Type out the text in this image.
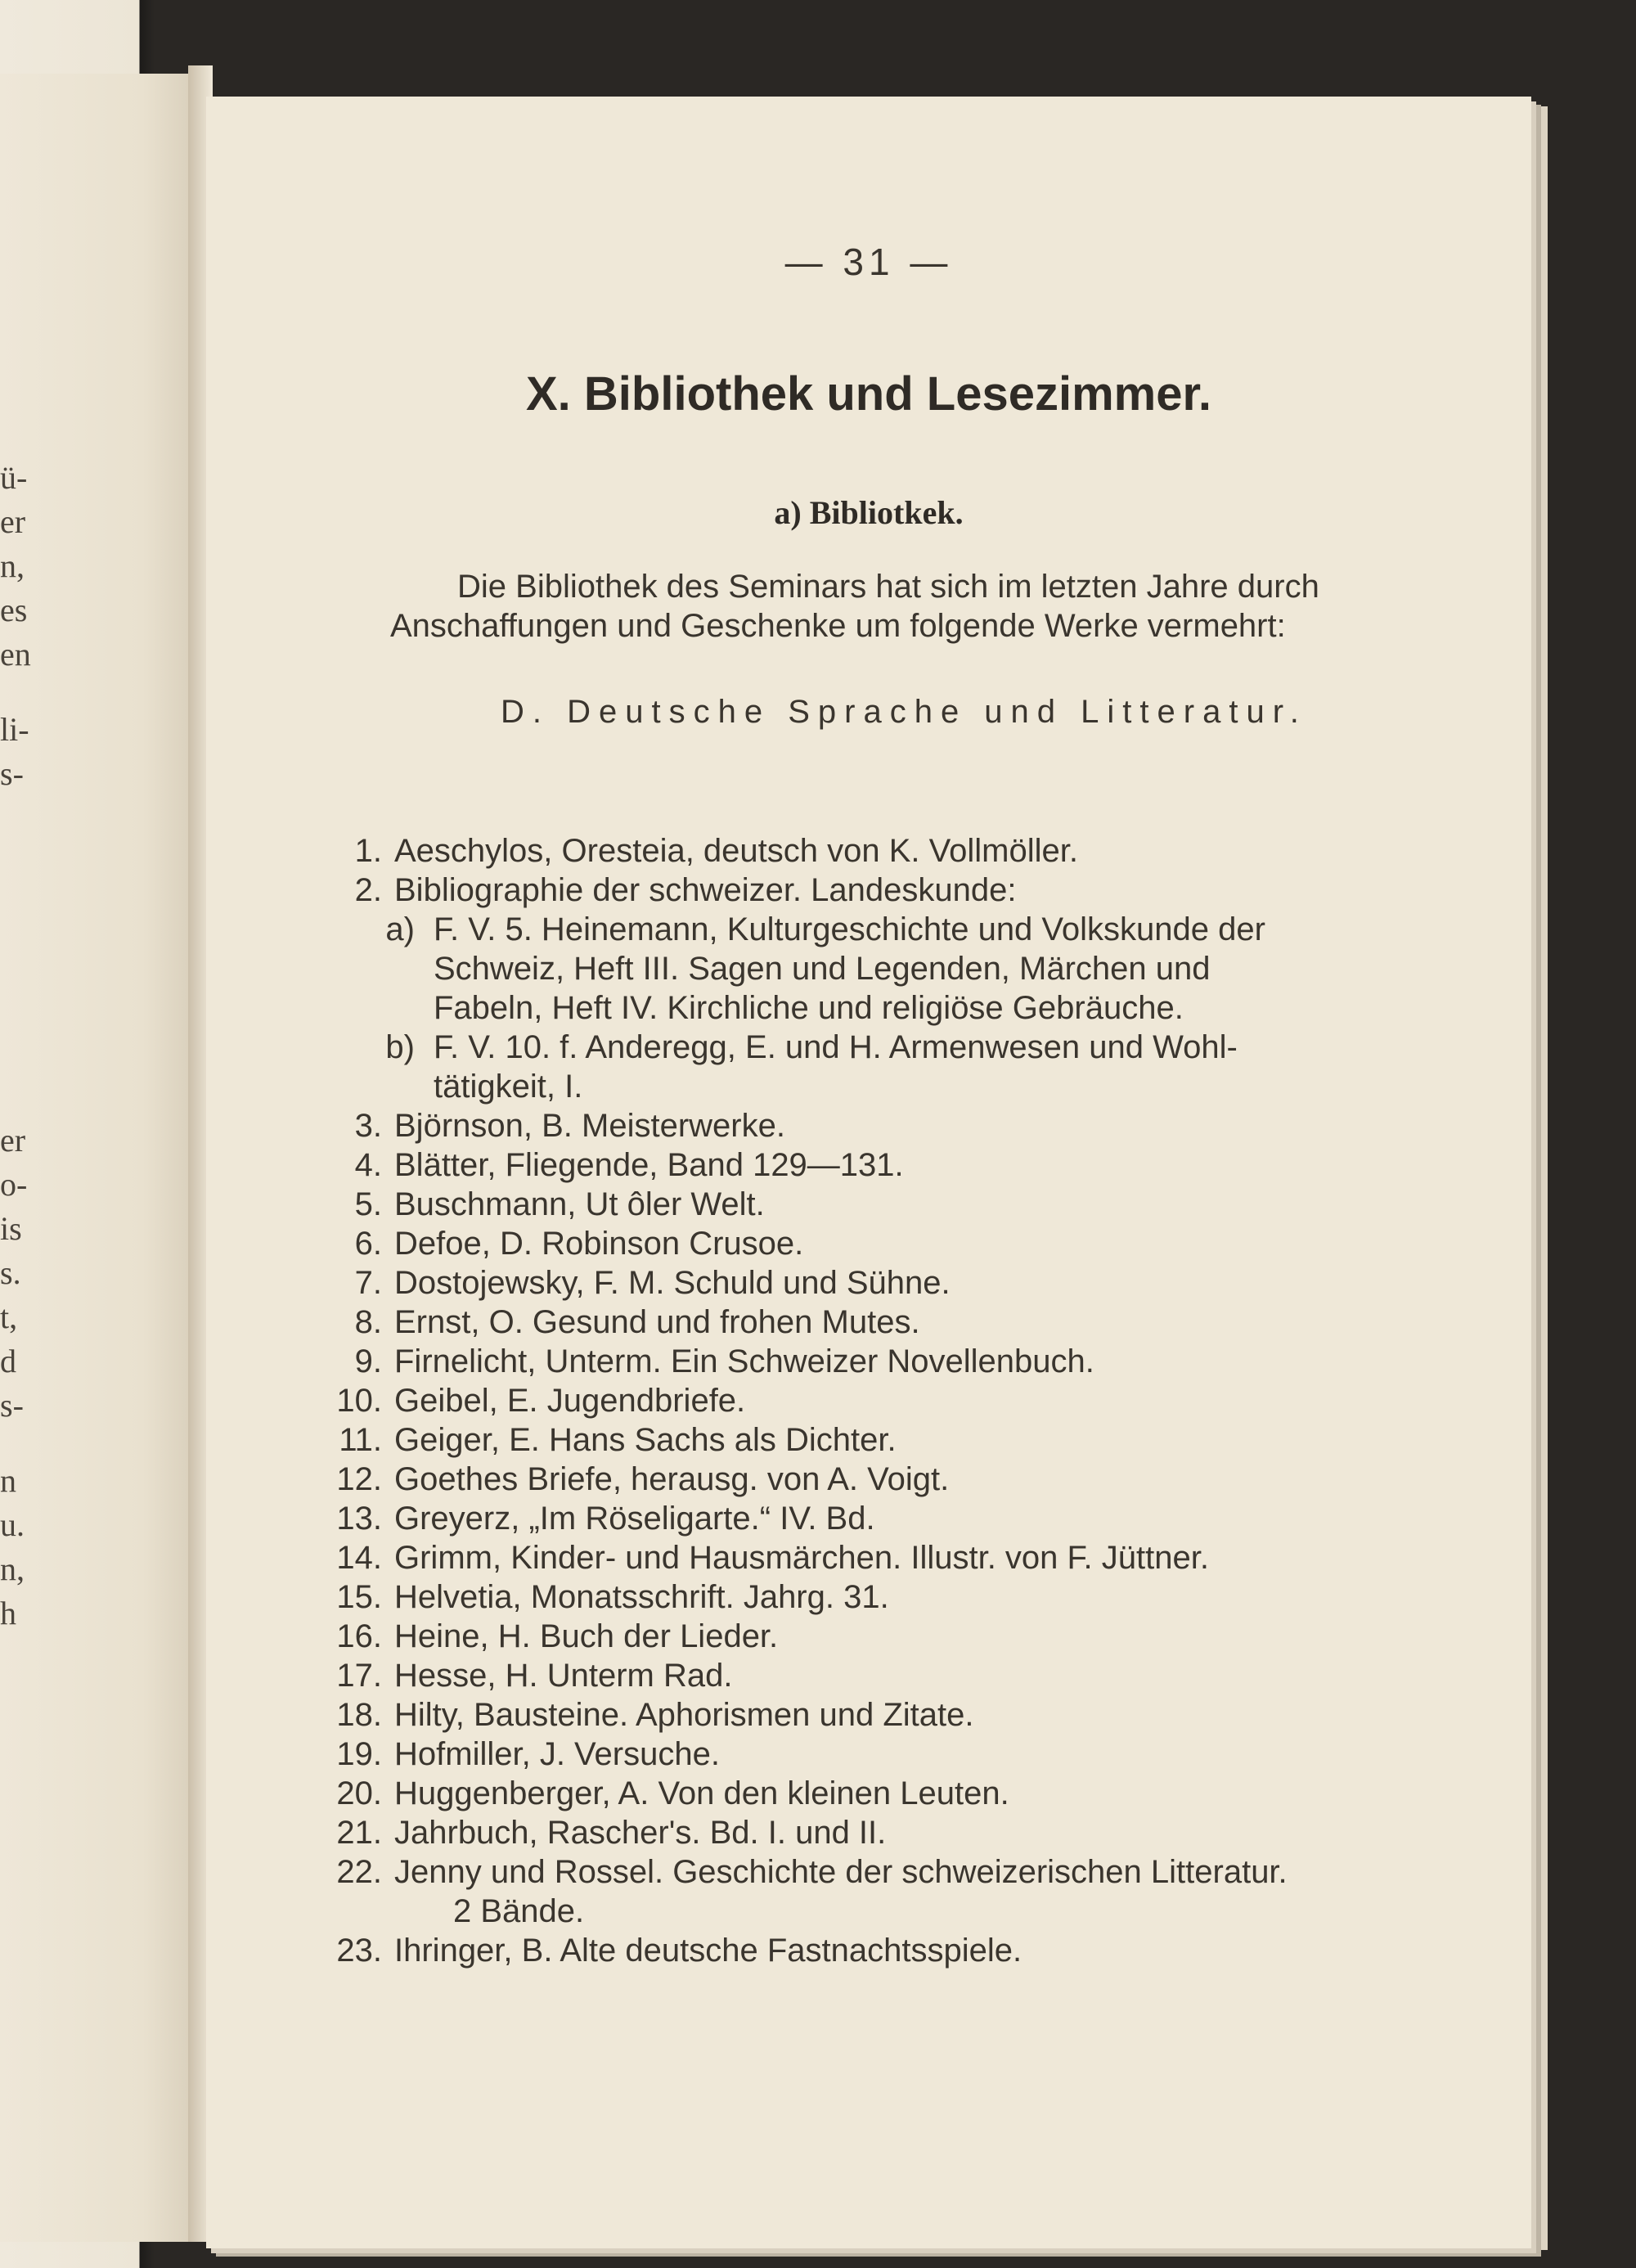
ü-
er
n,
es
en
li-
s-
er
o-
is
s.
t,
d
s-
n
u.
n,
h
— 31 —
X. Bibliothek und Lesezimmer.
a) Bibliotkek.
Die Bibliothek des Seminars hat sich im letzten Jahre durch
Anschaffungen und Geschenke um folgende Werke vermehrt:
D. Deutsche Sprache und Litteratur.
1. Aeschylos, Oresteia, deutsch von K. Vollmöller.
2. Bibliographie der schweizer. Landeskunde:
a) F. V. 5. Heinemann, Kulturgeschichte und Volkskunde der
Schweiz, Heft III. Sagen und Legenden, Märchen und
Fabeln, Heft IV. Kirchliche und religiöse Gebräuche.
b) F. V. 10. f. Anderegg, E. und H. Armenwesen und Wohl-
tätigkeit, I.
3. Björnson, B. Meisterwerke.
4. Blätter, Fliegende, Band 129—131.
5. Buschmann, Ut ôler Welt.
6. Defoe, D. Robinson Crusoe.
7. Dostojewsky, F. M. Schuld und Sühne.
8. Ernst, O. Gesund und frohen Mutes.
9. Firnelicht, Unterm. Ein Schweizer Novellenbuch.
10. Geibel, E. Jugendbriefe.
11. Geiger, E. Hans Sachs als Dichter.
12. Goethes Briefe, herausg. von A. Voigt.
13. Greyerz, „Im Röseligarte.“ IV. Bd.
14. Grimm, Kinder- und Hausmärchen. Illustr. von F. Jüttner.
15. Helvetia, Monatsschrift. Jahrg. 31.
16. Heine, H. Buch der Lieder.
17. Hesse, H. Unterm Rad.
18. Hilty, Bausteine. Aphorismen und Zitate.
19. Hofmiller, J. Versuche.
20. Huggenberger, A. Von den kleinen Leuten.
21. Jahrbuch, Rascher's. Bd. I. und II.
22. Jenny und Rossel. Geschichte der schweizerischen Litteratur.
2 Bände.
23. Ihringer, B. Alte deutsche Fastnachtsspiele.
